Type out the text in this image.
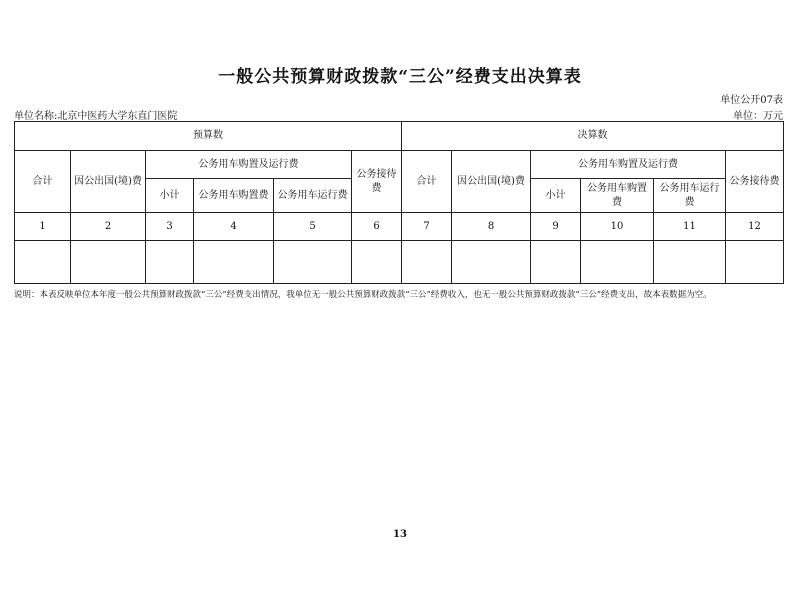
一般公共预算财政拨款“三公”经费支出决算表
单位公开07表
单位名称:北京中医药大学东直门医院	单位：万元
预算数						决算数					
合计	因公出国(境)费	公务用车购置及运行费			公务接待费	合计	因公出国(境)费	公务用车购置及运行费			公务接待费
		小计	公务用车购置费	公务用车运行费				小计	公务用车购置费	公务用车运行费	
1	2	3	4	5	6	7	8	9	10	11	12

说明：本表反映单位本年度一般公共预算财政拨款“三公”经费支出情况，我单位无一般公共预算财政拨款“三公”经费收入，也无一般公共预算财政拨款“三公”经费支出，故本表数据为空。
13
